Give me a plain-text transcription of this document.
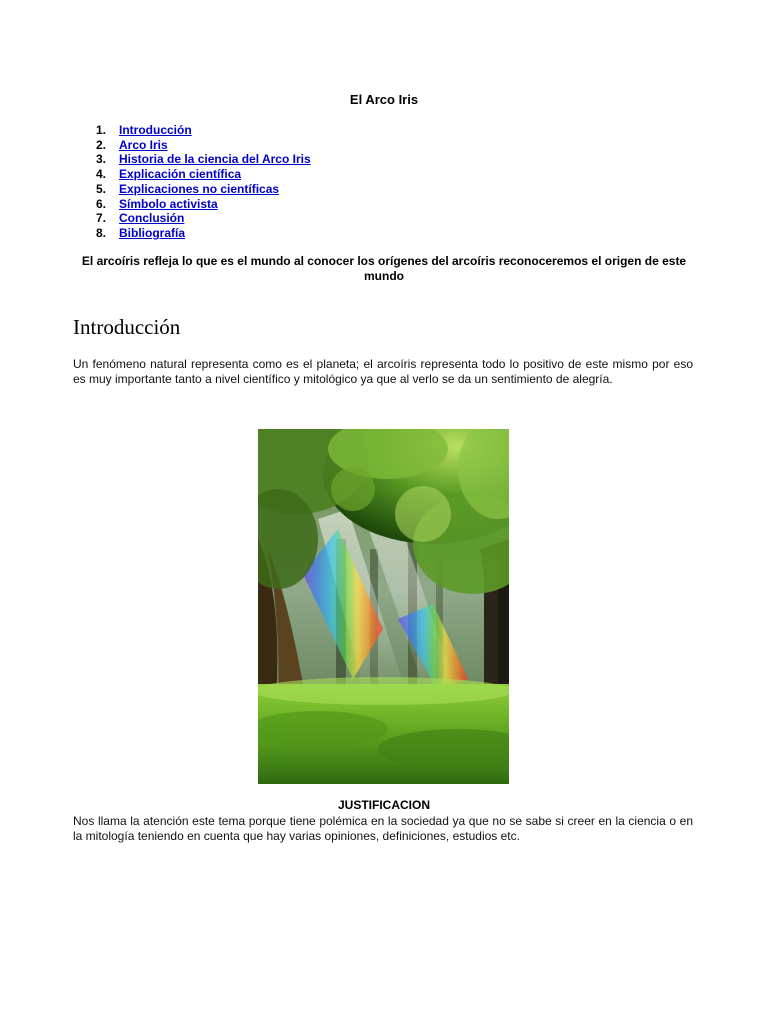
El Arco Iris
1. Introducción
2. Arco Iris
3. Historia de la ciencia del Arco Iris
4. Explicación científica
5. Explicaciones no científicas
6. Símbolo activista
7. Conclusión
8. Bibliografía
El arcoíris refleja lo que es el mundo al conocer los orígenes del arcoíris reconoceremos el origen de este mundo
Introducción

Un fenómeno natural representa como es el planeta; el arcoíris representa todo lo positivo de este mismo por eso es muy importante tanto a nivel científico y mitológico ya que al verlo se da un sentimiento de alegría.

JUSTIFICACION

Nos llama la atención este tema porque tiene polémica en la sociedad ya que no se sabe si creer en la ciencia o en la mitología teniendo en cuenta que hay varias opiniones, definiciones, estudios etc.
